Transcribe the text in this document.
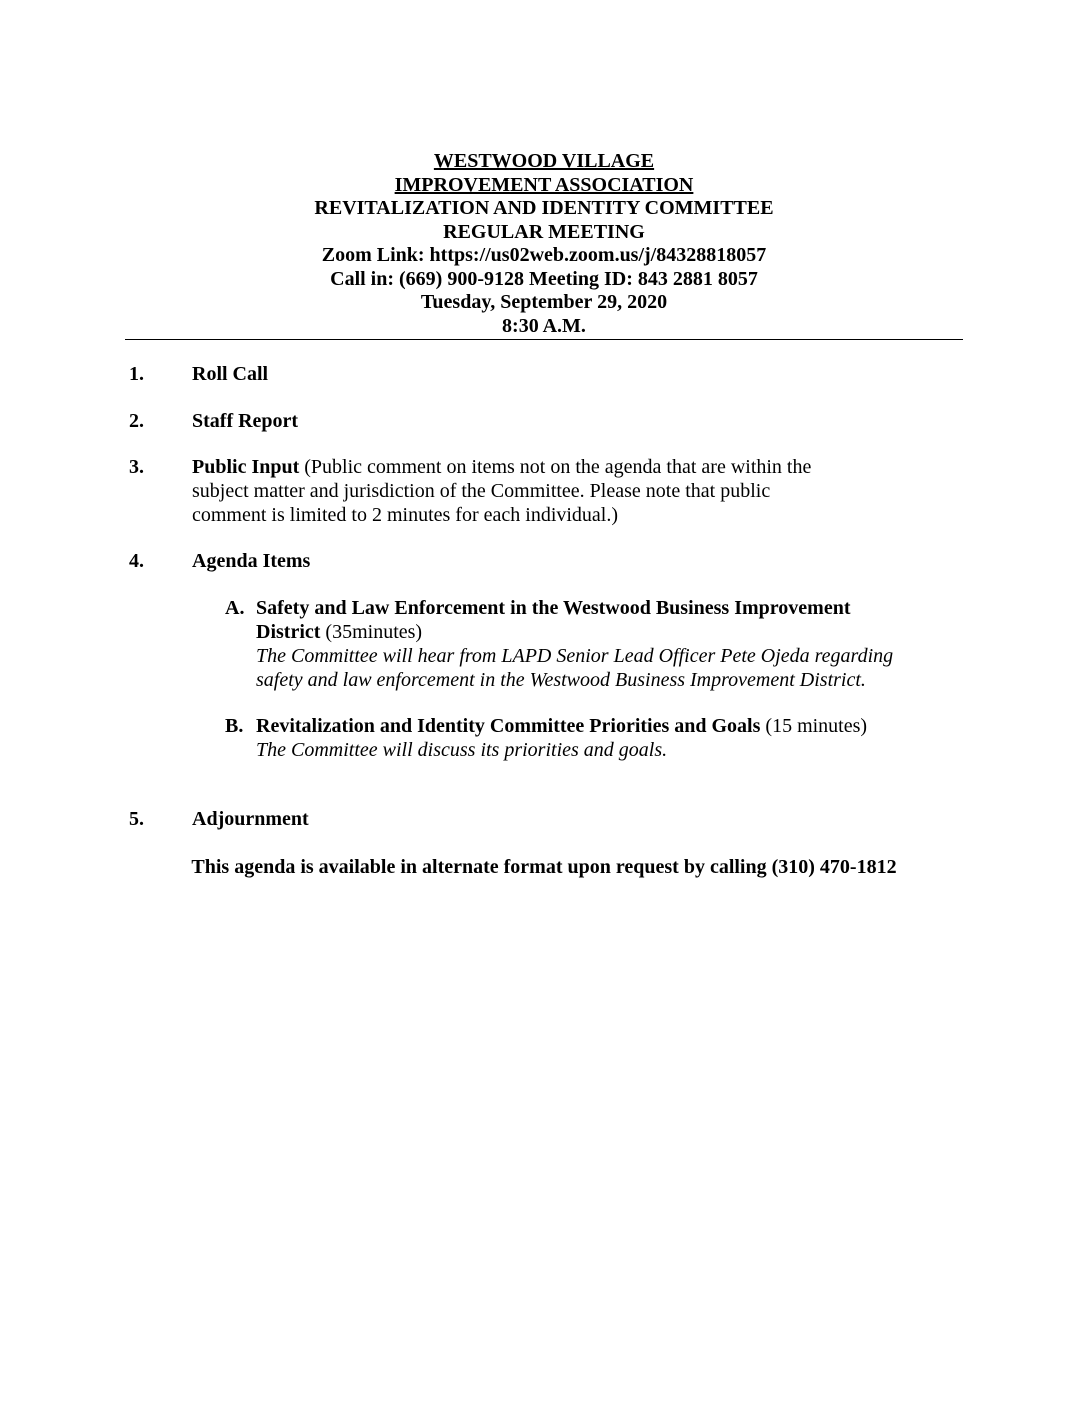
WESTWOOD VILLAGE
IMPROVEMENT ASSOCIATION
REVITALIZATION AND IDENTITY COMMITTEE
REGULAR MEETING
Zoom Link: https://us02web.zoom.us/j/84328818057
Call in: (669) 900-9128 Meeting ID: 843 2881 8057
Tuesday, September 29, 2020
8:30 A.M.
1.	Roll Call
2.	Staff Report
3.	Public Input (Public comment on items not on the agenda that are within the
subject matter and jurisdiction of the Committee. Please note that public
comment is limited to 2 minutes for each individual.)
4.	Agenda Items
A. Safety and Law Enforcement in the Westwood Business Improvement
District (35minutes)
The Committee will hear from LAPD Senior Lead Officer Pete Ojeda regarding
safety and law enforcement in the Westwood Business Improvement District.
B. Revitalization and Identity Committee Priorities and Goals (15 minutes)
The Committee will discuss its priorities and goals.
5.	Adjournment
This agenda is available in alternate format upon request by calling (310) 470-1812
